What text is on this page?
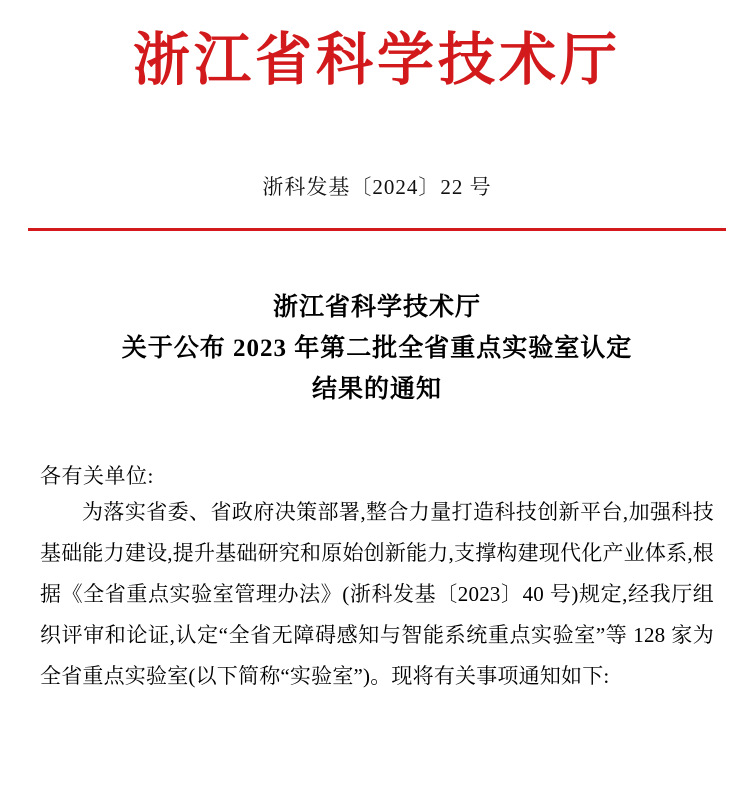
浙江省科学技术厅
浙科发基〔2024〕22 号
浙江省科学技术厅
关于公布 2023 年第二批全省重点实验室认定
结果的通知
各有关单位:

为落实省委、省政府决策部署,整合力量打造科技创新平台,加强科技基础能力建设,提升基础研究和原始创新能力,支撑构建现代化产业体系,根据《全省重点实验室管理办法》(浙科发基〔2023〕40 号)规定,经我厅组织评审和论证,认定“全省无障碍感知与智能系统重点实验室”等 128 家为全省重点实验室(以下简称“实验室”)。现将有关事项通知如下:
